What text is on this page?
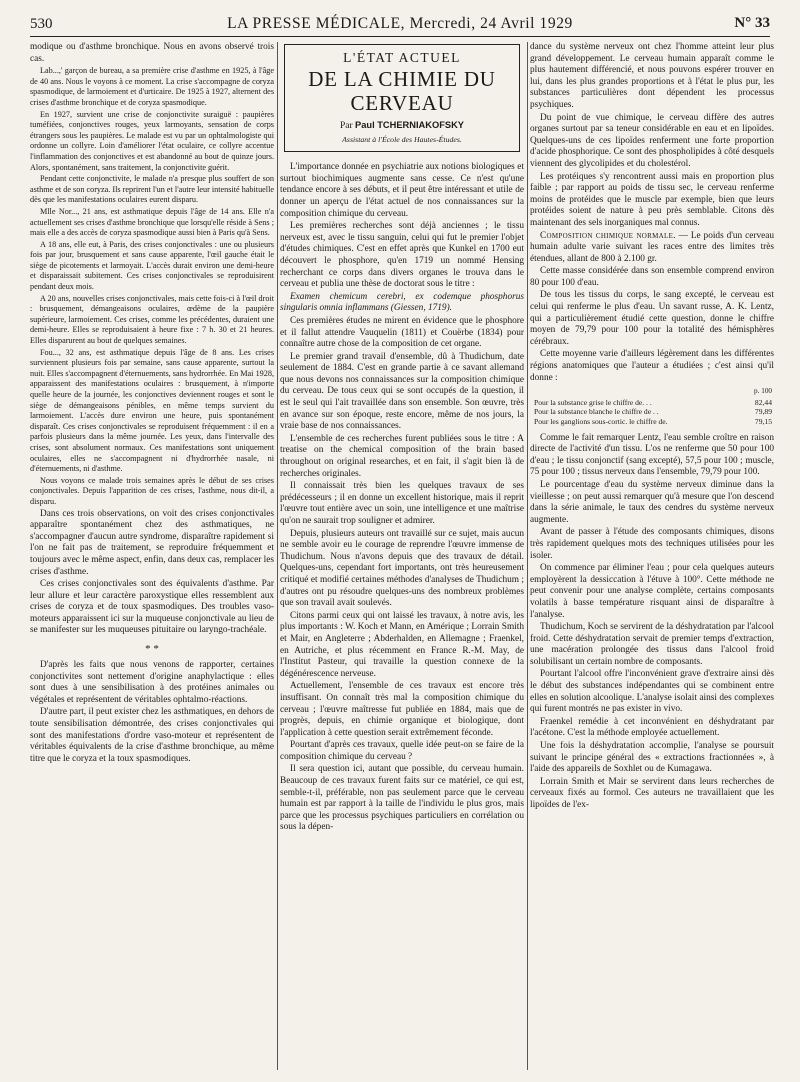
530	LA PRESSE MÉDICALE, Mercredi, 24 Avril 1929	N° 33

modique ou d'asthme bronchique. Nous en avons observé trois cas.

Lab...,' garçon de bureau, a sa première crise d'asthme en 1925, à l'âge de 40 ans. Nous le voyons à ce moment. La crise s'accompagne de coryza spasmodique, de larmoiement et d'urticaire. De 1925 à 1927, alternent des crises d'asthme bronchique et de coryza spasmodique.

En 1927, survient une crise de conjonctivite suraiguë : paupières tuméfiées, conjonctives rouges, yeux larmoyants, sensation de corps étrangers sous les paupières. Le malade est vu par un ophtalmologiste qui ordonne un collyre. Loin d'améliorer l'état oculaire, ce collyre accentue l'inflammation des conjonctives et est abandonné au bout de quinze jours. Alors, spontanément, sans traitement, la conjonctivite guérit.

Pendant cette conjonctivite, le malade n'a presque plus souffert de son asthme et de son coryza. Ils reprirent l'un et l'autre leur intensité habituelle dès que les manifestations oculaires eurent disparu.

Mlle Nor..., 21 ans, est asthmatique depuis l'âge de 14 ans. Elle n'a actuellement ses crises d'asthme bronchique que lorsqu'elle réside à Sens ; mais elle a des accès de coryza spasmodique aussi bien à Paris qu'à Sens.

A 18 ans, elle eut, à Paris, des crises conjonctivales : une ou plusieurs fois par jour, brusquement et sans cause apparente, l'œil gauche était le siège de picotements et larmoyait. L'accès durait environ une demi-heure et disparaissait subitement. Ces crises conjonctivales se reproduisirent pendant deux mois.

A 20 ans, nouvelles crises conjonctivales, mais cette fois-ci à l'œil droit : brusquement, démangeaisons oculaires, œdème de la paupière supérieure, larmoiement. Ces crises, comme les précédentes, duraient une demi-heure. Elles se reproduisaient à heure fixe : 7 h. 30 et 21 heures. Elles disparurent au bout de quelques semaines.

Fou..., 32 ans, est asthmatique depuis l'âge de 8 ans. Les crises surviennent plusieurs fois par semaine, sans cause apparente, surtout la nuit. Elles s'accompagnent d'éternuements, sans hydrorrhée. En Mai 1928, apparaissent des manifestations oculaires : brusquement, à n'importe quelle heure de la journée, les conjonctives deviennent rouges et sont le siège de démangeaisons pénibles, en même temps survient du larmoiement. L'accès dure environ une heure, puis spontanément disparaît. Ces crises conjonctivales se reproduisent fréquemment : il en a parfois plusieurs dans la même journée. Les yeux, dans l'intervalle des crises, sont absolument normaux. Ces manifestations sont uniquement oculaires, elles ne s'accompagnent ni d'hydrorrhée nasale, ni d'éternuements, ni d'asthme.

Nous voyons ce malade trois semaines après le début de ses crises conjonctivales. Depuis l'apparition de ces crises, l'asthme, nous dit-il, a disparu.

Dans ces trois observations, on voit des crises conjonctivales apparaître spontanément chez des asthmatiques, ne s'accompagner d'aucun autre syndrome, disparaître rapidement si l'on ne fait pas de traitement, se reproduire fréquemment et toujours avec le même aspect, enfin, dans deux cas, remplacer les crises d'asthme.

Ces crises conjonctivales sont des équivalents d'asthme. Par leur allure et leur caractère paroxystique elles ressemblent aux crises de coryza et de toux spasmodiques. Des troubles vaso-moteurs apparaissent ici sur la muqueuse conjonctivale au lieu de se manifester sur les muqueuses pituitaire ou laryngo-trachéale.

* *

D'après les faits que nous venons de rapporter, certaines conjonctivites sont nettement d'origine anaphylactique : elles sont dues à une sensibilisation à des protéines animales ou végétales et représentent de véritables ophtalmo-réactions.

D'autre part, il peut exister chez les asthmatiques, en dehors de toute sensibilisation démontrée, des crises conjonctivales qui sont des manifestations d'ordre vaso-moteur et représentent de véritables équivalents de la crise d'asthme bronchique, au même titre que le coryza et la toux spasmodiques.

L'ÉTAT ACTUEL
DE LA CHIMIE DU CERVEAU
Par Paul TCHERNIAKOFSKY
Assistant à l'École des Hautes-Études.

L'importance donnée en psychiatrie aux notions biologiques et surtout biochimiques augmente sans cesse. Ce n'est qu'une tendance encore à ses débuts, et il peut être intéressant et utile de donner un aperçu de l'état actuel de nos connaissances sur la composition chimique du cerveau.

Les premières recherches sont déjà anciennes ; le tissu nerveux est, avec le tissu sanguin, celui qui fut le premier l'objet d'études chimiques. C'est en effet après que Kunkel en 1700 eut découvert le phosphore, qu'en 1719 un nommé Hensing recherchant ce corps dans divers organes le trouva dans le cerveau et publia une thèse de doctorat sous le titre :

Examen chemicum cerebri, ex codemque phosphorus singularis omnia inflammans (Giessen, 1719).

Ces premières études ne mirent en évidence que le phosphore et il fallut attendre Vauquelin (1811) et Couërbe (1834) pour connaître autre chose de la composition de cet organe.

Le premier grand travail d'ensemble, dû à Thudichum, date seulement de 1884. C'est en grande partie à ce savant allemand que nous devons nos connaissances sur la composition chimique du cerveau. De tous ceux qui se sont occupés de la question, il est le seul qui l'ait travaillée dans son ensemble. Son œuvre, très en avance sur son époque, reste encore, même de nos jours, la vraie base de nos connaissances.

L'ensemble de ces recherches furent publiées sous le titre : A treatise on the chemical composition of the brain based throughout on original researches, et en fait, il s'agit bien là de recherches originales.

Il connaissait très bien les quelques travaux de ses prédécesseurs ; il en donne un excellent historique, mais il reprit l'œuvre tout entière avec un soin, une intelligence et une maîtrise qu'on ne saurait trop souligner et admirer.

Depuis, plusieurs auteurs ont travaillé sur ce sujet, mais aucun ne semble avoir eu le courage de reprendre l'œuvre immense de Thudichum. Nous n'avons depuis que des travaux de détail. Quelques-uns, cependant fort importants, ont très heureusement critiqué et modifié certaines méthodes d'analyses de Thudichum ; d'autres ont pu résoudre quelques-uns des nombreux problèmes que son travail avait soulevés.

Citons parmi ceux qui ont laissé les travaux, à notre avis, les plus importants : W. Koch et Mann, en Amérique ; Lorrain Smith et Mair, en Angleterre ; Abderhalden, en Allemagne ; Fraenkel, en Autriche, et plus récemment en France R.-M. May, de l'Institut Pasteur, qui travaille la question connexe de la dégénérescence nerveuse.

Actuellement, l'ensemble de ces travaux est encore très insuffisant. On connaît très mal la composition chimique du cerveau ; l'œuvre maîtresse fut publiée en 1884, mais que de progrès, depuis, en chimie organique et biologique, dont l'application à cette question serait extrêmement féconde.

Pourtant d'après ces travaux, quelle idée peut-on se faire de la composition chimique du cerveau ?

Il sera question ici, autant que possible, du cerveau humain. Beaucoup de ces travaux furent faits sur ce matériel, ce qui est, semble-t-il, préférable, non pas seulement parce que le cerveau humain est par rapport à la taille de l'individu le plus gros, mais parce que les processus psychiques particuliers en corrélation ou sous la dépen-

dance du système nerveux ont chez l'homme atteint leur plus grand développement. Le cerveau humain apparaît comme le plus hautement différencié, et nous pouvons espérer trouver en lui, dans les plus grandes proportions et à l'état le plus pur, les substances particulières dont dépendent les processus psychiques.

Du point de vue chimique, le cerveau diffère des autres organes surtout par sa teneur considérable en eau et en lipoïdes. Quelques-uns de ces lipoïdes renferment une forte proportion d'acide phosphorique. Ce sont des phospholipides à côté desquels viennent des glycolipides et du cholestérol.

Les protéiques s'y rencontrent aussi mais en proportion plus faible ; par rapport au poids de tissu sec, le cerveau renferme moins de protéides que le muscle par exemple, bien que leurs protéides soient de nature à peu près semblable. Citons dès maintenant des sels inorganiques mal connus.

Composition chimique normale. — Le poids d'un cerveau humain adulte varie suivant les races entre des limites très étendues, allant de 800 à 2.100 gr.

Cette masse considérée dans son ensemble comprend environ 80 pour 100 d'eau.

De tous les tissus du corps, le sang excepté, le cerveau est celui qui renferme le plus d'eau. Un savant russe, A. K. Lentz, qui a particulièrement étudié cette question, donne le chiffre moyen de 79,79 pour 100 pour la totalité des hémisphères cérébraux.

Cette moyenne varie d'ailleurs légèrement dans les différentes régions anatomiques que l'auteur a étudiées ; c'est ainsi qu'il donne :

	p. 100
Pour la substance grise le chiffre de. . .	82,44
Pour la substance blanche le chiffre de . .	79,89
Pour les ganglions sous-cortic. le chiffre de.	79,15

Comme le fait remarquer Lentz, l'eau semble croître en raison directe de l'activité d'un tissu. L'os ne renferme que 50 pour 100 d'eau ; le tissu conjonctif (sang excepté), 57,5 pour 100 ; muscle, 75 pour 100 ; tissus nerveux dans l'ensemble, 79,79 pour 100.

Le pourcentage d'eau du système nerveux diminue dans la vieillesse ; on peut aussi remarquer qu'à mesure que l'on descend dans la série animale, le taux des cendres du système nerveux augmente.

Avant de passer à l'étude des composants chimiques, disons très rapidement quelques mots des techniques utilisées pour les isoler.

On commence par éliminer l'eau ; pour cela quelques auteurs employèrent la dessiccation à l'étuve à 100°. Cette méthode ne peut convenir pour une analyse complète, certains composants volatils à basse température risquant ainsi de disparaître à l'analyse.

Thudichum, Koch se servirent de la déshydratation par l'alcool froid. Cette déshydratation servait de premier temps d'extraction, une macération prolongée des tissus dans l'alcool froid solubilisant un certain nombre de composants.

Pourtant l'alcool offre l'inconvénient grave d'extraire ainsi dès le début des substances indépendantes qui se combinent entre elles en solution alcoolique. L'analyse isolait ainsi des complexes qui furent montrés ne pas exister in vivo.

Fraenkel remédie à cet inconvénient en déshydratant par l'acétone. C'est la méthode employée actuellement.

Une fois la déshydratation accomplie, l'analyse se poursuit suivant le principe général des « extractions fractionnées », à l'aide des appareils de Soxhlet ou de Kumagawa.

Lorrain Smith et Mair se servirent dans leurs recherches de cerveaux fixés au formol. Ces auteurs ne travaillaient que les lipoïdes de l'ex-
